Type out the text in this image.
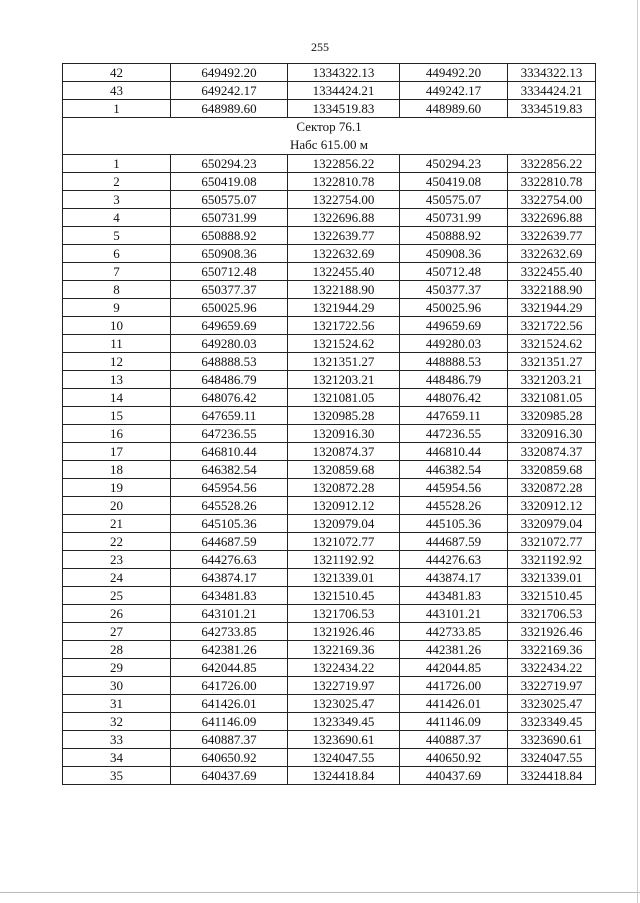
255
42	649492.20	1334322.13	449492.20	3334322.13
43	649242.17	1334424.21	449242.17	3334424.21
1	648989.60	1334519.83	448989.60	3334519.83

Сектор 76.1
Набс 615.00 м				

1	650294.23	1322856.22	450294.23	3322856.22
2	650419.08	1322810.78	450419.08	3322810.78
3	650575.07	1322754.00	450575.07	3322754.00
4	650731.99	1322696.88	450731.99	3322696.88
5	650888.92	1322639.77	450888.92	3322639.77
6	650908.36	1322632.69	450908.36	3322632.69
7	650712.48	1322455.40	450712.48	3322455.40
8	650377.37	1322188.90	450377.37	3322188.90
9	650025.96	1321944.29	450025.96	3321944.29
10	649659.69	1321722.56	449659.69	3321722.56
11	649280.03	1321524.62	449280.03	3321524.62
12	648888.53	1321351.27	448888.53	3321351.27
13	648486.79	1321203.21	448486.79	3321203.21
14	648076.42	1321081.05	448076.42	3321081.05
15	647659.11	1320985.28	447659.11	3320985.28
16	647236.55	1320916.30	447236.55	3320916.30
17	646810.44	1320874.37	446810.44	3320874.37
18	646382.54	1320859.68	446382.54	3320859.68
19	645954.56	1320872.28	445954.56	3320872.28
20	645528.26	1320912.12	445528.26	3320912.12
21	645105.36	1320979.04	445105.36	3320979.04
22	644687.59	1321072.77	444687.59	3321072.77
23	644276.63	1321192.92	444276.63	3321192.92
24	643874.17	1321339.01	443874.17	3321339.01
25	643481.83	1321510.45	443481.83	3321510.45
26	643101.21	1321706.53	443101.21	3321706.53
27	642733.85	1321926.46	442733.85	3321926.46
28	642381.26	1322169.36	442381.26	3322169.36
29	642044.85	1322434.22	442044.85	3322434.22
30	641726.00	1322719.97	441726.00	3322719.97
31	641426.01	1323025.47	441426.01	3323025.47
32	641146.09	1323349.45	441146.09	3323349.45
33	640887.37	1323690.61	440887.37	3323690.61
34	640650.92	1324047.55	440650.92	3324047.55
35	640437.69	1324418.84	440437.69	3324418.84
